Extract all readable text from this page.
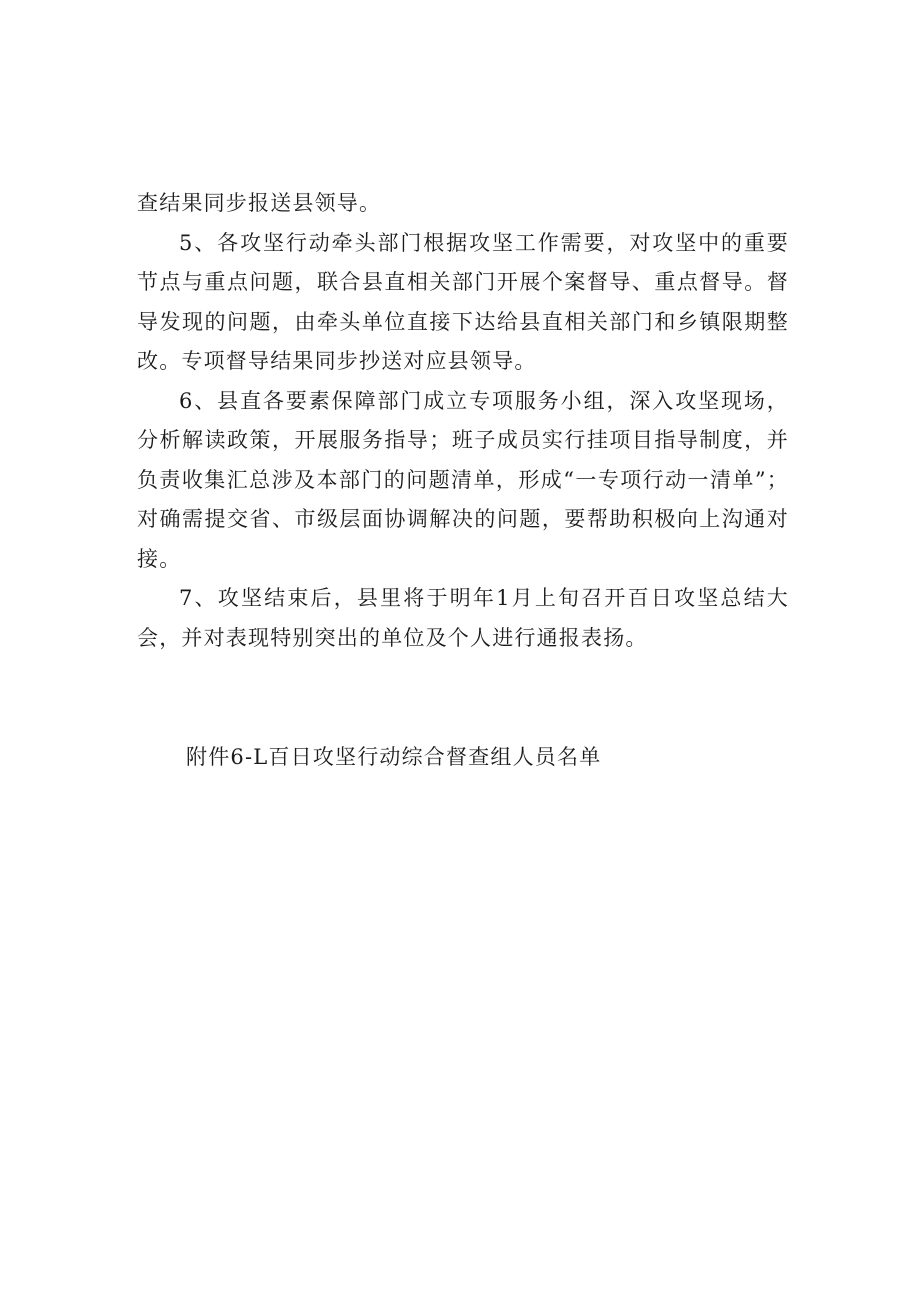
查结果同步报送县领导。

5、各攻坚行动牵头部门根据攻坚工作需要，对攻坚中的重要节点与重点问题，联合县直相关部门开展个案督导、重点督导。督导发现的问题，由牵头单位直接下达给县直相关部门和乡镇限期整改。专项督导结果同步抄送对应县领导。

6、县直各要素保障部门成立专项服务小组，深入攻坚现场，分析解读政策，开展服务指导；班子成员实行挂项目指导制度，并负责收集汇总涉及本部门的问题清单，形成“一专项行动一清单”；对确需提交省、市级层面协调解决的问题，要帮助积极向上沟通对接。

7、攻坚结束后，县里将于明年1月上旬召开百日攻坚总结大会，并对表现特别突出的单位及个人进行通报表扬。

附件6-L百日攻坚行动综合督查组人员名单
